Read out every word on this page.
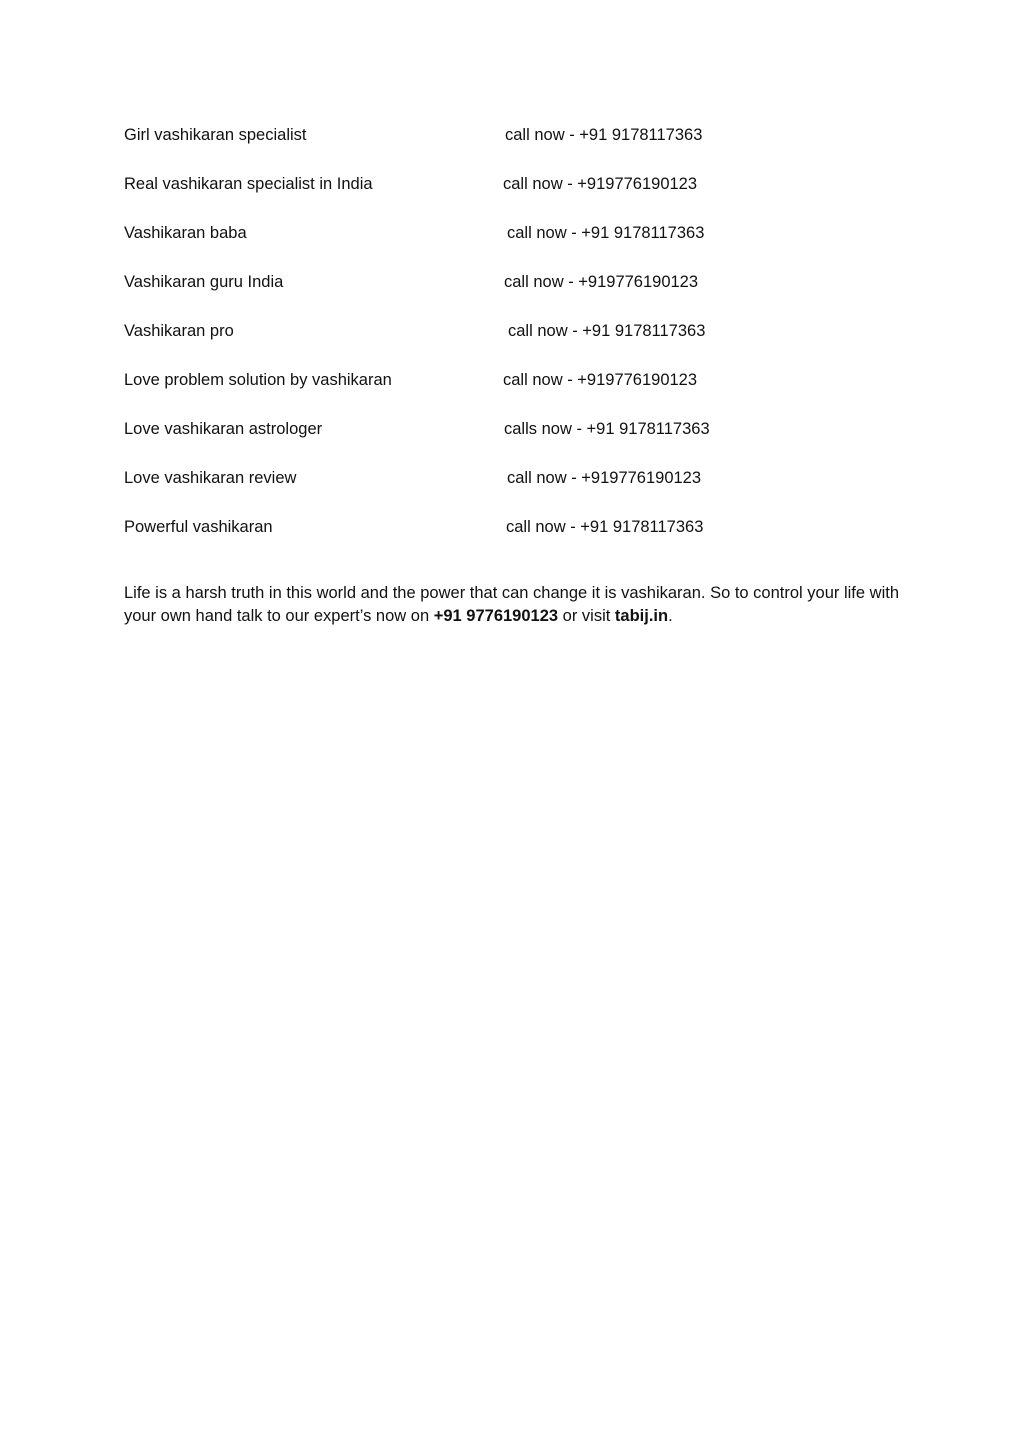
Girl vashikaran specialist	call now - +91 9178117363
Real vashikaran specialist in India	call now - +919776190123
Vashikaran baba	call now - +91 9178117363
Vashikaran guru India	call now - +919776190123
Vashikaran pro	call now - +91 9178117363
Love problem solution by vashikaran	call now - +919776190123
Love vashikaran astrologer	calls now - +91 9178117363
Love vashikaran review	call now - +919776190123
Powerful vashikaran	call now - +91 9178117363

Life is a harsh truth in this world and the power that can change it is vashikaran. So to control your life with your own hand talk to our expert’s now on +91 9776190123 or visit tabij.in.
